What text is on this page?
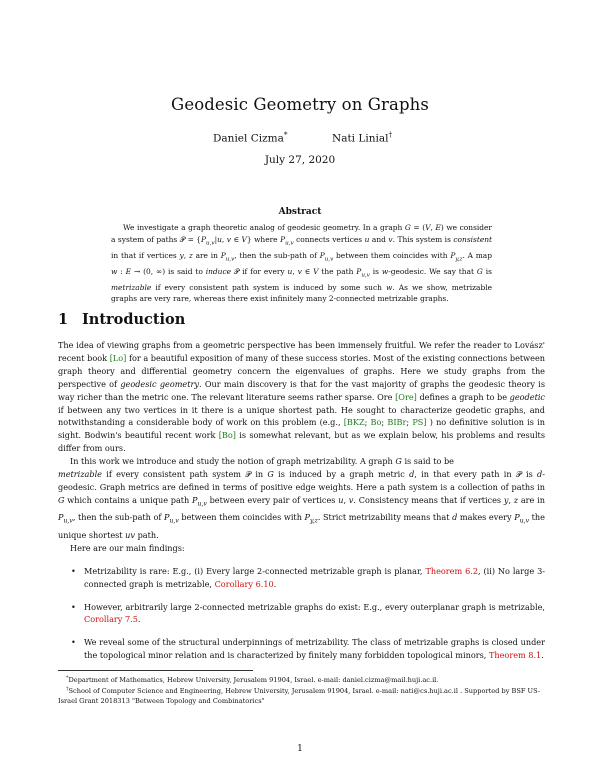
Geodesic Geometry on Graphs
Daniel Cizma*	Nati Linial†
July 27, 2020
Abstract

We investigate a graph theoretic analog of geodesic geometry. In a graph G = (V, E) we consider a system of paths 𝒫 = {$P_{u,v}|u$, v ∈ V} where $P_{u,v}$ connects vertices u and v. This system is consistent in that if vertices y, z are in $P_{u,v}$, then the sub-path of $P_{u,v}$ between them coincides with $P_{y,z}$. A map w : E → (0, ∞) is said to induce 𝒫 if for every u, v ∈ V the path $P_{u,v}$ is w-geodesic. We say that G is metrizable if every consistent path system is induced by some such w. As we show, metrizable graphs are very rare, whereas there exist infinitely many 2-connected metrizable graphs.

1 Introduction

The idea of viewing graphs from a geometric perspective has been immensely fruitful. We refer the reader to Lovász' recent book [Lo] for a beautiful exposition of many of these success stories. Most of the existing connections between graph theory and differential geometry concern the eigenvalues of graphs. Here we study graphs from the perspective of geodesic geometry. Our main discovery is that for the vast majority of graphs the geodesic theory is way richer than the metric one. The relevant literature seems rather sparse. Ore [Ore] defines a graph to be geodetic if between any two vertices in it there is a unique shortest path. He sought to characterize geodetic graphs, and notwithstanding a considerable body of work on this problem (e.g., [BKZ; Bo; BIBr; PS] ) no definitive solution is in sight. Bodwin's beautiful recent work [Bo] is somewhat relevant, but as we explain below, his problems and results differ from ours.

In this work we introduce and study the notion of graph metrizability. A graph G is said to be
metrizable if every consistent path system 𝒫 in G is induced by a graph metric d, in that every path in 𝒫 is d-geodesic. Graph metrics are defined in terms of positive edge weights. Here a path system is a collection of paths in G which contains a unique path $P_{u,v}$ between every pair of vertices u, v. Consistency means that if vertices y, z are in $P_{u,v}$, then the sub-path of $P_{u,v}$ between them coincides with $P_{y,z}$. Strict metrizability means that d makes every $P_{u,v}$ the unique shortest uv path.

Here are our main findings:

• Metrizability is rare: E.g., (i) Every large 2-connected metrizable graph is planar, Theorem 6.2, (ii) No large 3-connected graph is metrizable, Corollary 6.10.
• However, arbitrarily large 2-connected metrizable graphs do exist: E.g., every outerplanar graph is metrizable, Corollary 7.5.
• We reveal some of the structural underpinnings of metrizability. The class of metrizable graphs is closed under the topological minor relation and is characterized by finitely many forbidden topological minors, Theorem 8.1.

*Department of Mathematics, Hebrew University, Jerusalem 91904, Israel. e-mail: daniel.cizma@mail.huji.ac.il.

†School of Computer Science and Engineering, Hebrew University, Jerusalem 91904, Israel. e-mail: nati@cs.huji.ac.il . Supported by BSF US-Israel Grant 2018313 "Between Topology and Combinatorics"

1
